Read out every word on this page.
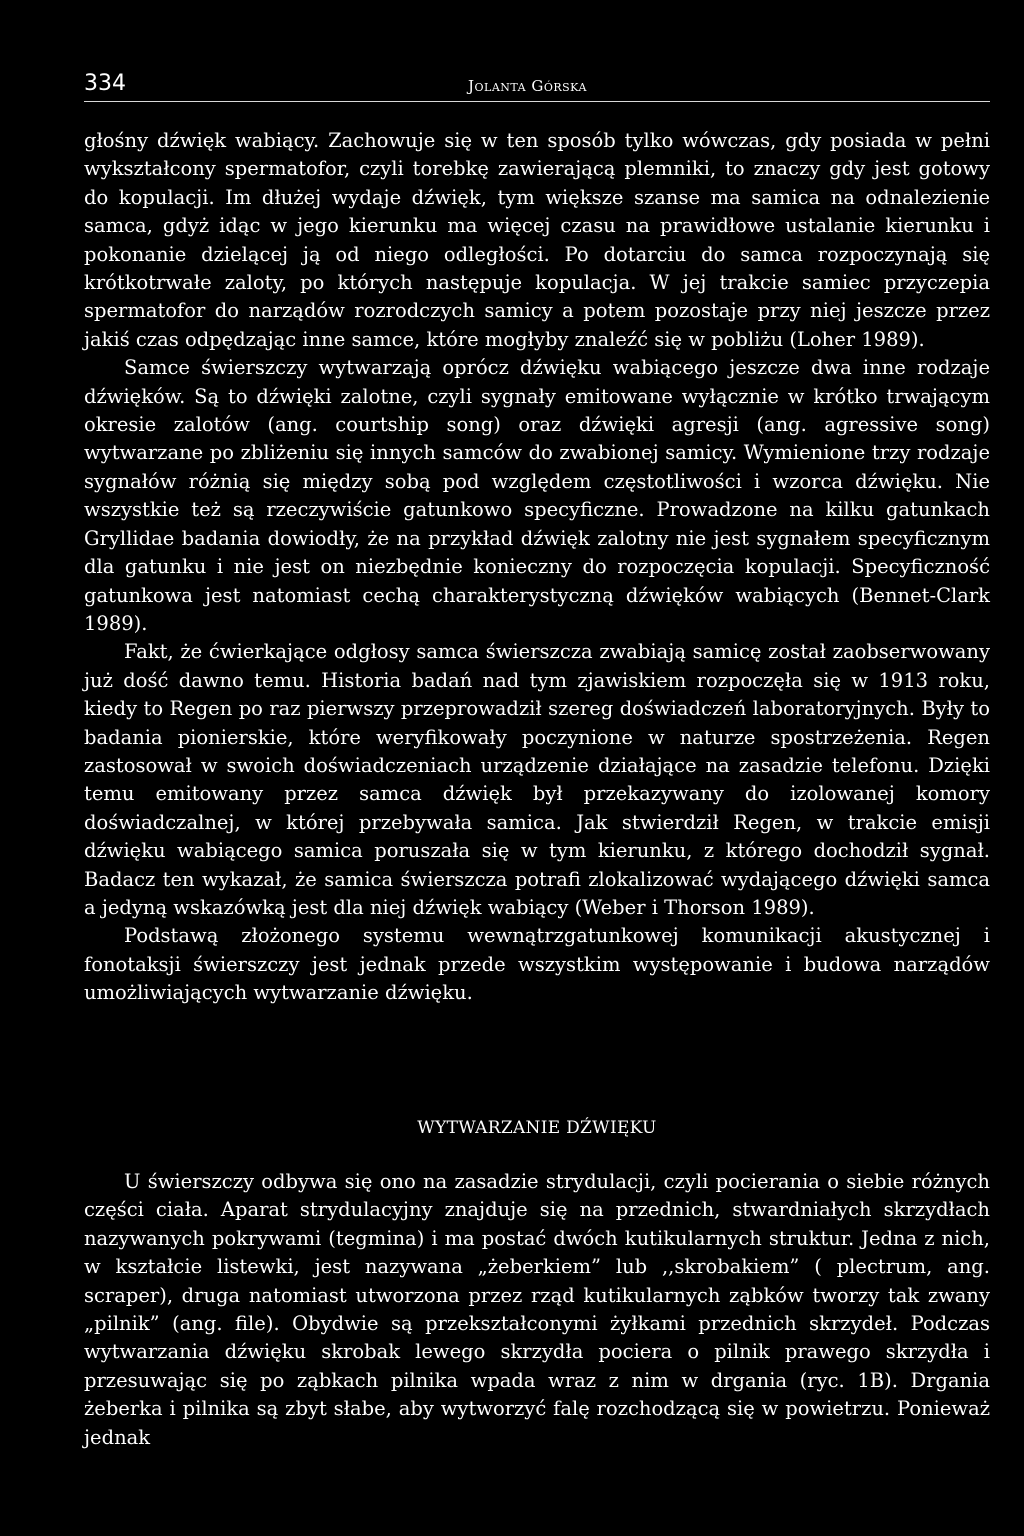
334	Jolanta Górska

głośny dźwięk wabiący. Zachowuje się w ten sposób tylko wówczas, gdy posiada w pełni wykształcony spermatofor, czyli torebkę zawierającą plemniki, to znaczy gdy jest gotowy do kopulacji. Im dłużej wydaje dźwięk, tym większe szanse ma samica na odnalezienie samca, gdyż idąc w jego kierunku ma więcej czasu na prawidłowe ustalanie kierunku i pokonanie dzielącej ją od niego odległości. Po dotarciu do samca rozpoczynają się krótkotrwałe zaloty, po których następuje kopulacja. W jej trakcie samiec przyczepia spermatofor do narządów rozrodczych samicy a potem pozostaje przy niej jeszcze przez jakiś czas odpędzając inne samce, które mogłyby znaleźć się w pobliżu (Loher 1989).

Samce świerszczy wytwarzają oprócz dźwięku wabiącego jeszcze dwa inne rodzaje dźwięków. Są to dźwięki zalotne, czyli sygnały emitowane wyłącznie w krótko trwającym okresie zalotów (ang. courtship song) oraz dźwięki agresji (ang. agressive song) wytwarzane po zbliżeniu się innych samców do zwabionej samicy. Wymienione trzy rodzaje sygnałów różnią się między sobą pod względem częstotliwości i wzorca dźwięku. Nie wszystkie też są rzeczywiście gatunkowo specyficzne. Prowadzone na kilku gatunkach Gryllidae badania dowiodły, że na przykład dźwięk zalotny nie jest sygnałem specyficznym dla gatunku i nie jest on niezbędnie konieczny do rozpoczęcia kopulacji. Specyficzność gatunkowa jest natomiast cechą charakterystyczną dźwięków wabiących (Bennet-Clark 1989).

Fakt, że ćwierkające odgłosy samca świerszcza zwabiają samicę został zaobserwowany już dość dawno temu. Historia badań nad tym zjawiskiem rozpoczęła się w 1913 roku, kiedy to Regen po raz pierwszy przeprowadził szereg doświadczeń laboratoryjnych. Były to badania pionierskie, które weryfikowały poczynione w naturze spostrzeżenia. Regen zastosował w swoich doświadczeniach urządzenie działające na zasadzie telefonu. Dzięki temu emitowany przez samca dźwięk był przekazywany do izolowanej komory doświadczalnej, w której przebywała samica. Jak stwierdził Regen, w trakcie emisji dźwięku wabiącego samica poruszała się w tym kierunku, z którego dochodził sygnał. Badacz ten wykazał, że samica świerszcza potrafi zlokalizować wydającego dźwięki samca a jedyną wskazówką jest dla niej dźwięk wabiący (Weber i Thorson 1989).

Podstawą złożonego systemu wewnątrzgatunkowej komunikacji akustycznej i fonotaksji świerszczy jest jednak przede wszystkim występowanie i budowa narządów umożliwiających wytwarzanie dźwięku.

WYTWARZANIE DŹWIĘKU

U świerszczy odbywa się ono na zasadzie strydulacji, czyli pocierania o siebie różnych części ciała. Aparat strydulacyjny znajduje się na przednich, stwardniałych skrzydłach nazywanych pokrywami (tegmina) i ma postać dwóch kutikularnych struktur. Jedna z nich, w kształcie listewki, jest nazywana „żeberkiem” lub ,,skrobakiem” ( plectrum, ang. scraper), druga natomiast utworzona przez rząd kutikularnych ząbków tworzy tak zwany „pilnik” (ang. file). Obydwie są przekształconymi żyłkami przednich skrzydeł. Podczas wytwarzania dźwięku skrobak lewego skrzydła pociera o pilnik prawego skrzydła i przesuwając się po ząbkach pilnika wpada wraz z nim w drgania (ryc. 1B). Drgania żeberka i pilnika są zbyt słabe, aby wytworzyć falę rozchodzącą się w powietrzu. Ponieważ jednak
